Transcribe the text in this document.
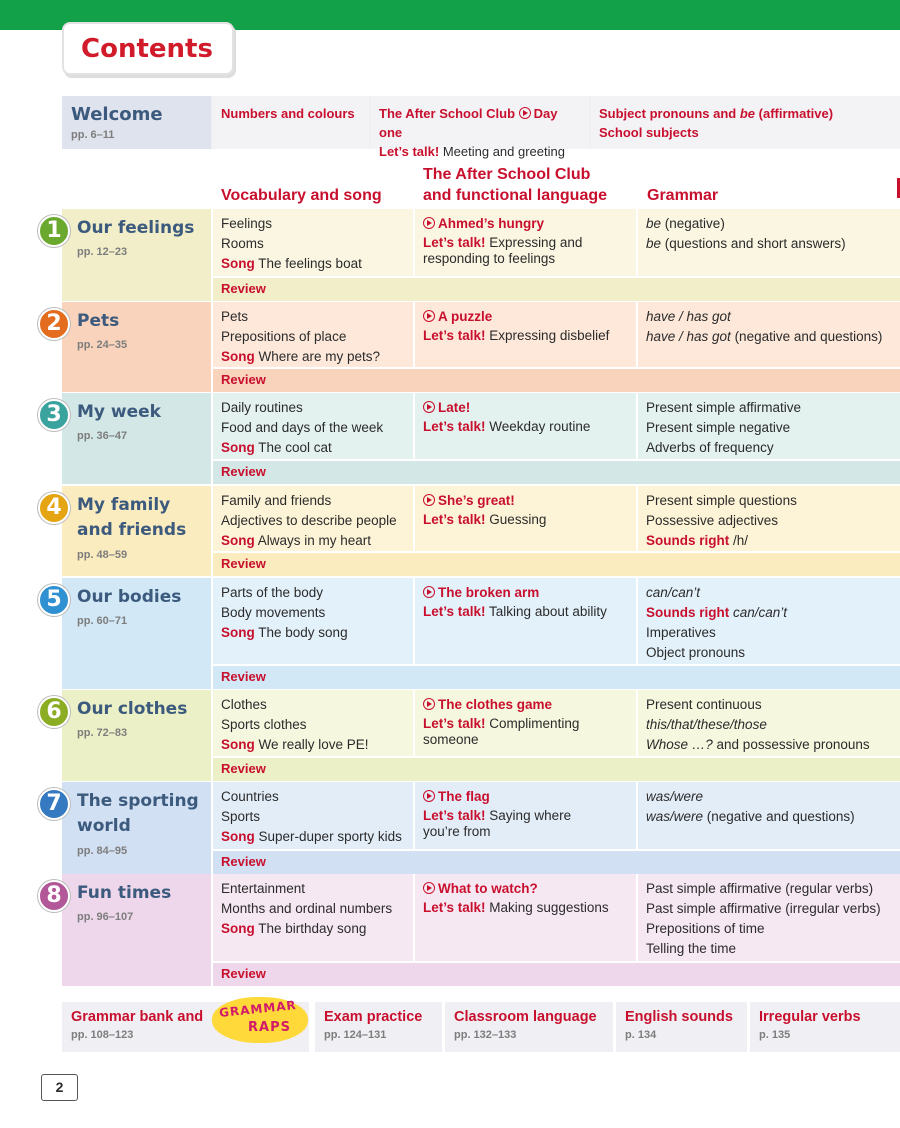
Contents
Welcome
pp. 6–11
Numbers and colours	The After School Club Day one
Let’s talk! Meeting and greeting
Subject pronouns and be (affirmative)
School subjects
Vocabulary and song
The After School Club
and functional language Grammar
1 Our feelings
pp. 12–23
Feelings
Rooms
Song The feelings boat
Ahmed’s hungry
Let’s talk! Expressing and
responding to feelings
be (negative)
be (questions and short answers)
Review
2 Pets
pp. 24–35
Pets
Prepositions of place
Song Where are my pets?
A puzzle
Let’s talk! Expressing disbelief
have / has got
have / has got (negative and questions)
Review
3 My week
pp. 36–47
Daily routines
Food and days of the week
Song The cool cat
Late!
Let’s talk! Weekday routine
Present simple affirmative
Present simple negative
Adverbs of frequency
Review
4 My family
and friends
pp. 48–59
Family and friends
Adjectives to describe people
Song Always in my heart
She’s great!
Let’s talk! Guessing
Present simple questions
Possessive adjectives
Sounds right /h/
Review
5 Our bodies
pp. 60–71
Parts of the body
Body movements
Song The body song
The broken arm
Let’s talk! Talking about ability
can/can’t
Sounds right can/can’t
Imperatives
Object pronouns
Review
6 Our clothes
pp. 72–83
Clothes
Sports clothes
Song We really love PE!
The clothes game
Let’s talk! Complimenting
someone
Present continuous
this/that/these/those
Whose …? and possessive pronouns
Review
7 The sporting
world
pp. 84–95
Countries
Sports
Song Super-duper sporty kids
The flag
Let’s talk! Saying where
you’re from
was/were
was/were (negative and questions)
Review
8 Fun times
pp. 96–107
Entertainment
Months and ordinal numbers
Song The birthday song
What to watch?
Let’s talk! Making suggestions
Past simple affirmative (regular verbs)
Past simple affirmative (irregular verbs)
Prepositions of time
Telling the time
Review
Grammar bank and
pp. 108–123
Exam practice
pp. 124–131
Classroom language
pp. 132–133
English sounds
p. 134
Irregular verbs
p. 135
GRAMMAR
RAPS
2
